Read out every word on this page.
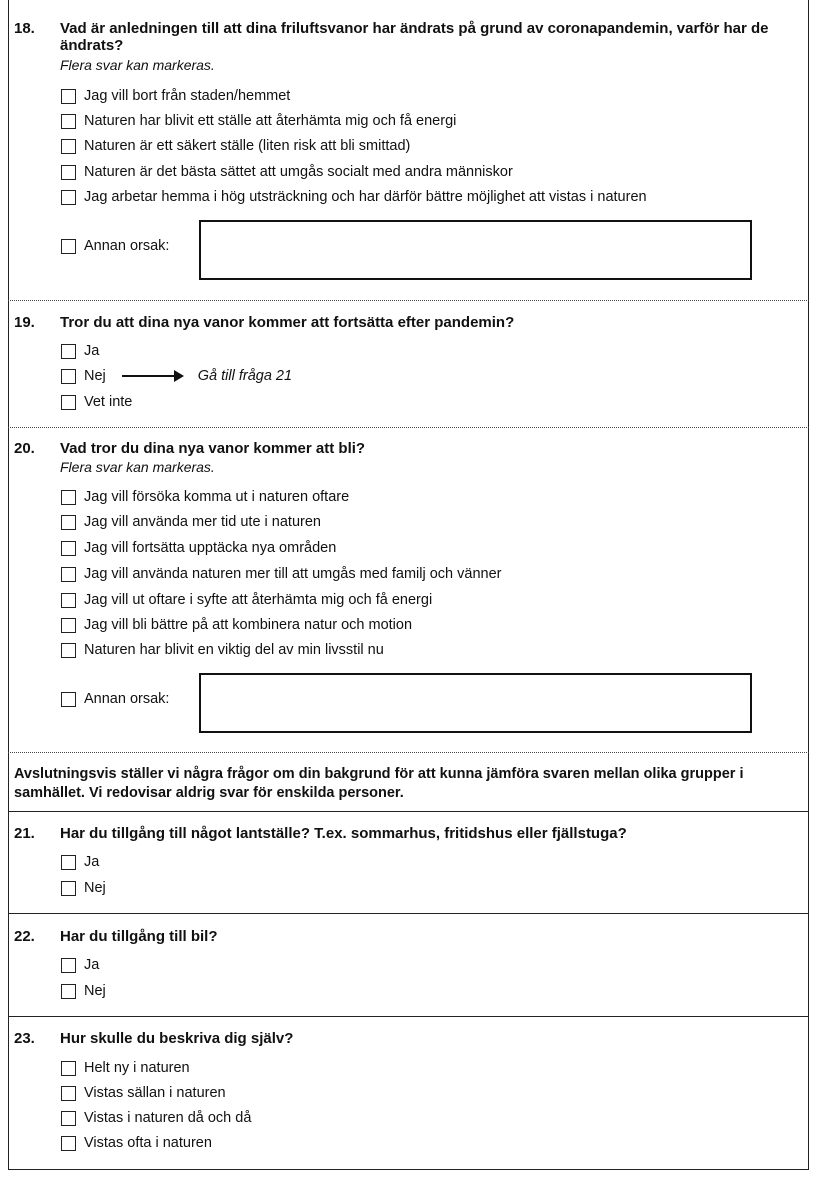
18. Vad är anledningen till att dina friluftsvanor har ändrats på grund av coronapandemin, varför har de ändrats?
Flera svar kan markeras.
Jag vill bort från staden/hemmet
Naturen har blivit ett ställe att återhämta mig och få energi
Naturen är ett säkert ställe (liten risk att bli smittad)
Naturen är det bästa sättet att umgås socialt med andra människor
Jag arbetar hemma i hög utsträckning och har därför bättre möjlighet att vistas i naturen
Annan orsak:
19. Tror du att dina nya vanor kommer att fortsätta efter pandemin?
Ja
Nej	Gå till fråga 21
Vet inte
20. Vad tror du dina nya vanor kommer att bli?
Flera svar kan markeras.
Jag vill försöka komma ut i naturen oftare
Jag vill använda mer tid ute i naturen
Jag vill fortsätta upptäcka nya områden
Jag vill använda naturen mer till att umgås med familj och vänner
Jag vill ut oftare i syfte att återhämta mig och få energi
Jag vill bli bättre på att kombinera natur och motion
Naturen har blivit en viktig del av min livsstil nu
Annan orsak:
Avslutningsvis ställer vi några frågor om din bakgrund för att kunna jämföra svaren mellan olika grupper i samhället. Vi redovisar aldrig svar för enskilda personer.
21. Har du tillgång till något lantställe? T.ex. sommarhus, fritidshus eller fjällstuga?
Ja
Nej
22. Har du tillgång till bil?
Ja
Nej
23. Hur skulle du beskriva dig själv?
Helt ny i naturen
Vistas sällan i naturen
Vistas i naturen då och då
Vistas ofta i naturen
